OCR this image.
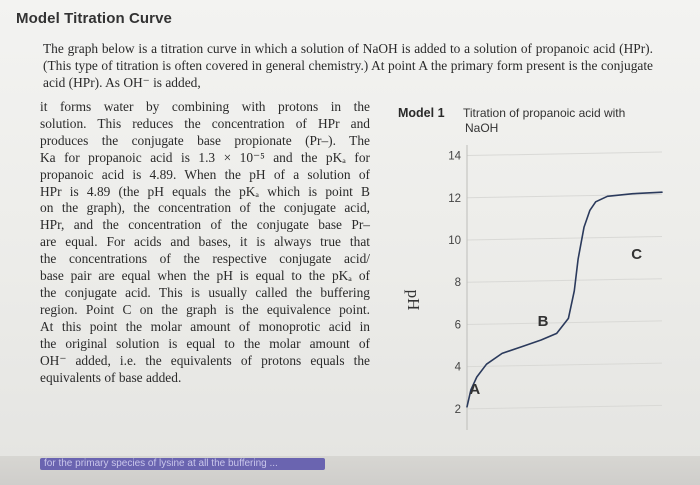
Model Titration Curve

The graph below is a titration curve in which a solution of NaOH is added to a solution of propanoic acid (HPr). (This type of titration is often covered in general chemistry.) At point A the primary form present is the conjugate acid (HPr). As OH⁻ is added,

it forms water by combining with protons in the
solution. This reduces the concentration of HPr and
produces the conjugate base propionate (Pr–). The
Ka for propanoic acid is 1.3 × 10⁻⁵ and the pKₐ for
propanoic acid is 4.89. When the pH of a solution of
HPr is 4.89 (the pH equals the pKₐ which is point B
on the graph), the concentration of the conjugate acid,
HPr, and the concentration of the conjugate base Pr–
are equal. For acids and bases, it is always true that
the concentrations of the respective conjugate acid/
base pair are equal when the pH is equal to the pKₐ of
the conjugate acid. This is usually called the buffering
region. Point C on the graph is the equivalence point.
At this point the molar amount of monoprotic acid in
the original solution is equal to the molar amount of
OH⁻ added, i.e. the equivalents of protons equals the
equivalents of base added.
Model 1 Titration of propanoic acid with
NaOH
14
12
10
8
6
4
2
pH
A
B
C
for the primary species of lysine at all the buffering ...
